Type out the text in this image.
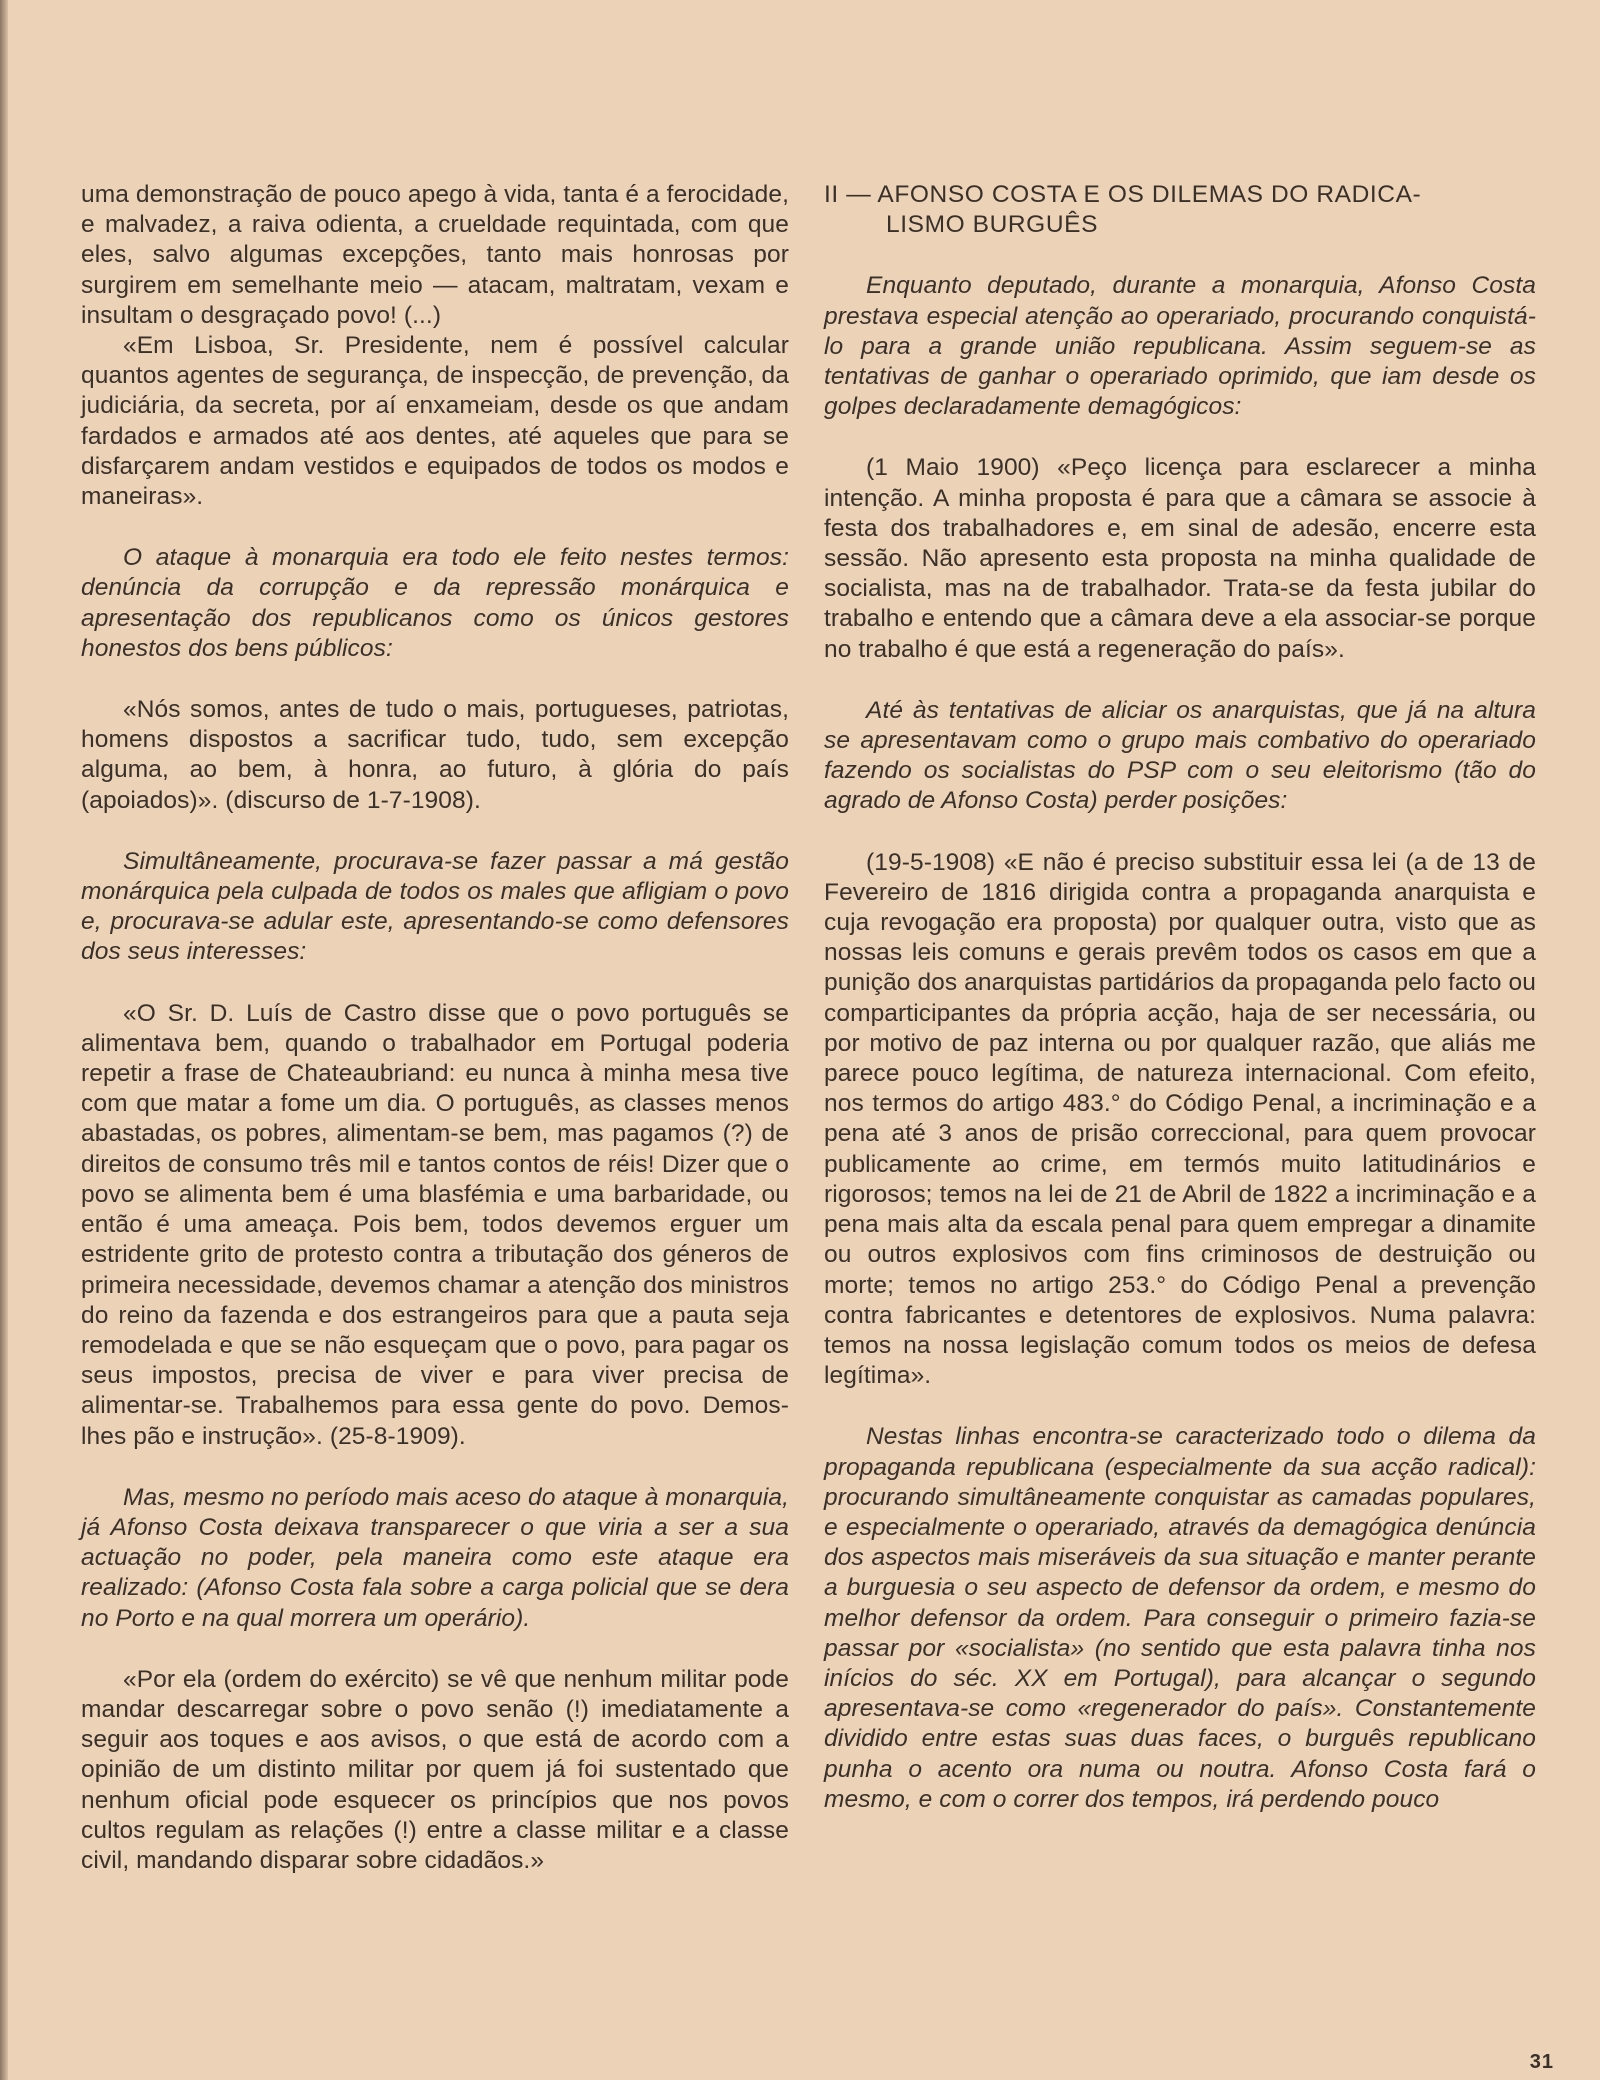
uma demonstração de pouco apego à vida, tanta é a ferocidade, e malvadez, a raiva odienta, a crueldade requintada, com que eles, salvo algumas excepções, tanto mais honrosas por surgirem em semelhante meio — atacam, maltratam, vexam e insultam o desgraçado povo! (...)

«Em Lisboa, Sr. Presidente, nem é possível calcular quantos agentes de segurança, de inspecção, de prevenção, da judiciária, da secreta, por aí enxameiam, desde os que andam fardados e armados até aos dentes, até aqueles que para se disfarçarem andam vestidos e equipados de todos os modos e maneiras».

O ataque à monarquia era todo ele feito nestes termos: denúncia da corrupção e da repressão monárquica e apresentação dos republicanos como os únicos gestores honestos dos bens públicos:

«Nós somos, antes de tudo o mais, portugueses, patriotas, homens dispostos a sacrificar tudo, tudo, sem excepção alguma, ao bem, à honra, ao futuro, à glória do país (apoiados)». (discurso de 1-7-1908).

Simultâneamente, procurava-se fazer passar a má gestão monárquica pela culpada de todos os males que afligiam o povo e, procurava-se adular este, apresentando-se como defensores dos seus interesses:

«O Sr. D. Luís de Castro disse que o povo português se alimentava bem, quando o trabalhador em Portugal poderia repetir a frase de Chateaubriand: eu nunca à minha mesa tive com que matar a fome um dia. O português, as classes menos abastadas, os pobres, alimentam-se bem, mas pagamos (?) de direitos de consumo três mil e tantos contos de réis! Dizer que o povo se alimenta bem é uma blasfémia e uma barbaridade, ou então é uma ameaça. Pois bem, todos devemos erguer um estridente grito de protesto contra a tributação dos géneros de primeira necessidade, devemos chamar a atenção dos ministros do reino da fazenda e dos estrangeiros para que a pauta seja remodelada e que se não esqueçam que o povo, para pagar os seus impostos, precisa de viver e para viver precisa de alimentar-se. Trabalhemos para essa gente do povo. Demos-lhes pão e instrução». (25-8-1909).

Mas, mesmo no período mais aceso do ataque à monarquia, já Afonso Costa deixava transparecer o que viria a ser a sua actuação no poder, pela maneira como este ataque era realizado: (Afonso Costa fala sobre a carga policial que se dera no Porto e na qual morrera um operário).

«Por ela (ordem do exército) se vê que nenhum militar pode mandar descarregar sobre o povo senão (!) imediatamente a seguir aos toques e aos avisos, o que está de acordo com a opinião de um distinto militar por quem já foi sustentado que nenhum oficial pode esquecer os princípios que nos povos cultos regulam as relações (!) entre a classe militar e a classe civil, mandando disparar sobre cidadãos.»

II — AFONSO COSTA E OS DILEMAS DO RADICA-
LISMO BURGUÊS

Enquanto deputado, durante a monarquia, Afonso Costa prestava especial atenção ao operariado, procurando conquistá-lo para a grande união republicana. Assim seguem-se as tentativas de ganhar o operariado oprimido, que iam desde os golpes declaradamente demagógicos:

(1 Maio 1900) «Peço licença para esclarecer a minha intenção. A minha proposta é para que a câmara se associe à festa dos trabalhadores e, em sinal de adesão, encerre esta sessão. Não apresento esta proposta na minha qualidade de socialista, mas na de trabalhador. Trata-se da festa jubilar do trabalho e entendo que a câmara deve a ela associar-se porque no trabalho é que está a regeneração do país».

Até às tentativas de aliciar os anarquistas, que já na altura se apresentavam como o grupo mais combativo do operariado fazendo os socialistas do PSP com o seu eleitorismo (tão do agrado de Afonso Costa) perder posições:

(19-5-1908) «E não é preciso substituir essa lei (a de 13 de Fevereiro de 1816 dirigida contra a propaganda anarquista e cuja revogação era proposta) por qualquer outra, visto que as nossas leis comuns e gerais prevêm todos os casos em que a punição dos anarquistas partidários da propaganda pelo facto ou comparticipantes da própria acção, haja de ser necessária, ou por motivo de paz interna ou por qualquer razão, que aliás me parece pouco legítima, de natureza internacional. Com efeito, nos termos do artigo 483.° do Código Penal, a incriminação e a pena até 3 anos de prisão correccional, para quem provocar publicamente ao crime, em termós muito latitudinários e rigorosos; temos na lei de 21 de Abril de 1822 a incriminação e a pena mais alta da escala penal para quem empregar a dinamite ou outros explosivos com fins criminosos de destruição ou morte; temos no artigo 253.° do Código Penal a prevenção contra fabricantes e detentores de explosivos. Numa palavra: temos na nossa legislação comum todos os meios de defesa legítima».

Nestas linhas encontra-se caracterizado todo o dilema da propaganda republicana (especialmente da sua acção radical): procurando simultâneamente conquistar as camadas populares, e especialmente o operariado, através da demagógica denúncia dos aspectos mais miseráveis da sua situação e manter perante a burguesia o seu aspecto de defensor da ordem, e mesmo do melhor defensor da ordem. Para conseguir o primeiro fazia-se passar por «socialista» (no sentido que esta palavra tinha nos inícios do séc. XX em Portugal), para alcançar o segundo apresentava-se como «regenerador do país». Constantemente dividido entre estas suas duas faces, o burguês republicano punha o acento ora numa ou noutra. Afonso Costa fará o mesmo, e com o correr dos tempos, irá perdendo pouco

31
